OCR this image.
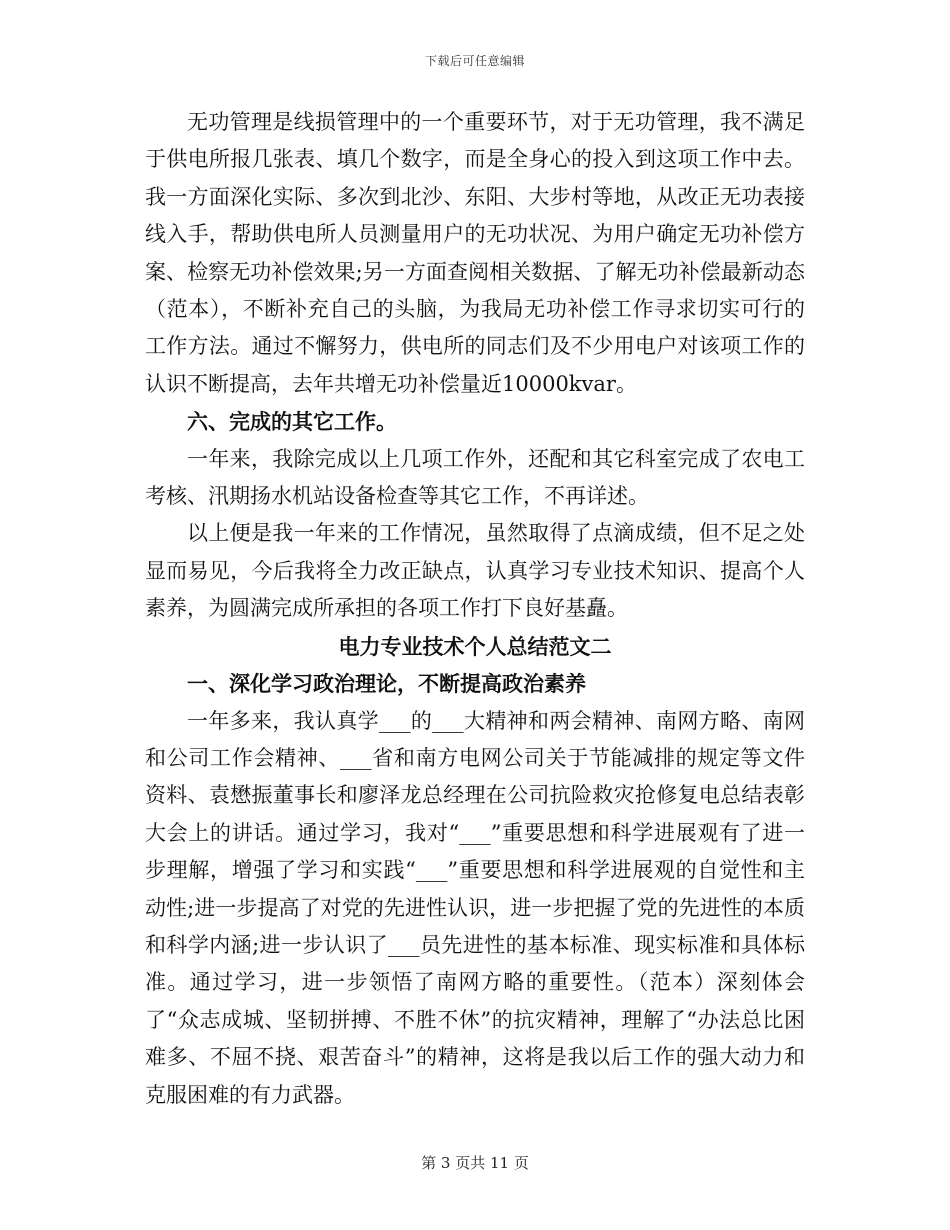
下载后可任意编辑

无功管理是线损管理中的一个重要环节，对于无功管理，我不满足于供电所报几张表、填几个数字，而是全身心的投入到这项工作中去。我一方面深化实际、多次到北沙、东阳、大步村等地，从改正无功表接线入手，帮助供电所人员测量用户的无功状况、为用户确定无功补偿方案、检察无功补偿效果;另一方面查阅相关数据、了解无功补偿最新动态（范本），不断补充自己的头脑，为我局无功补偿工作寻求切实可行的工作方法。通过不懈努力，供电所的同志们及不少用电户对该项工作的认识不断提高，去年共增无功补偿量近10000kvar。

六、完成的其它工作。

一年来，我除完成以上几项工作外，还配和其它科室完成了农电工考核、汛期扬水机站设备检查等其它工作，不再详述。

以上便是我一年来的工作情况，虽然取得了点滴成绩，但不足之处显而易见，今后我将全力改正缺点，认真学习专业技术知识、提高个人素养，为圆满完成所承担的各项工作打下良好基矗。

电力专业技术个人总结范文二

一、深化学习政治理论，不断提高政治素养

一年多来，我认真学___的___大精神和两会精神、南网方略、南网和公司工作会精神、___省和南方电网公司关于节能减排的规定等文件资料、袁懋振董事长和廖泽龙总经理在公司抗险救灾抢修复电总结表彰大会上的讲话。通过学习，我对“___”重要思想和科学进展观有了进一步理解，增强了学习和实践“___”重要思想和科学进展观的自觉性和主动性;进一步提高了对党的先进性认识，进一步把握了党的先进性的本质和科学内涵;进一步认识了___员先进性的基本标准、现实标准和具体标准。通过学习，进一步领悟了南网方略的重要性。（范本）深刻体会了“众志成城、坚韧拼搏、不胜不休”的抗灾精神，理解了“办法总比困难多、不屈不挠、艰苦奋斗”的精神，这将是我以后工作的强大动力和克服困难的有力武器。

第 3 页共 11 页
